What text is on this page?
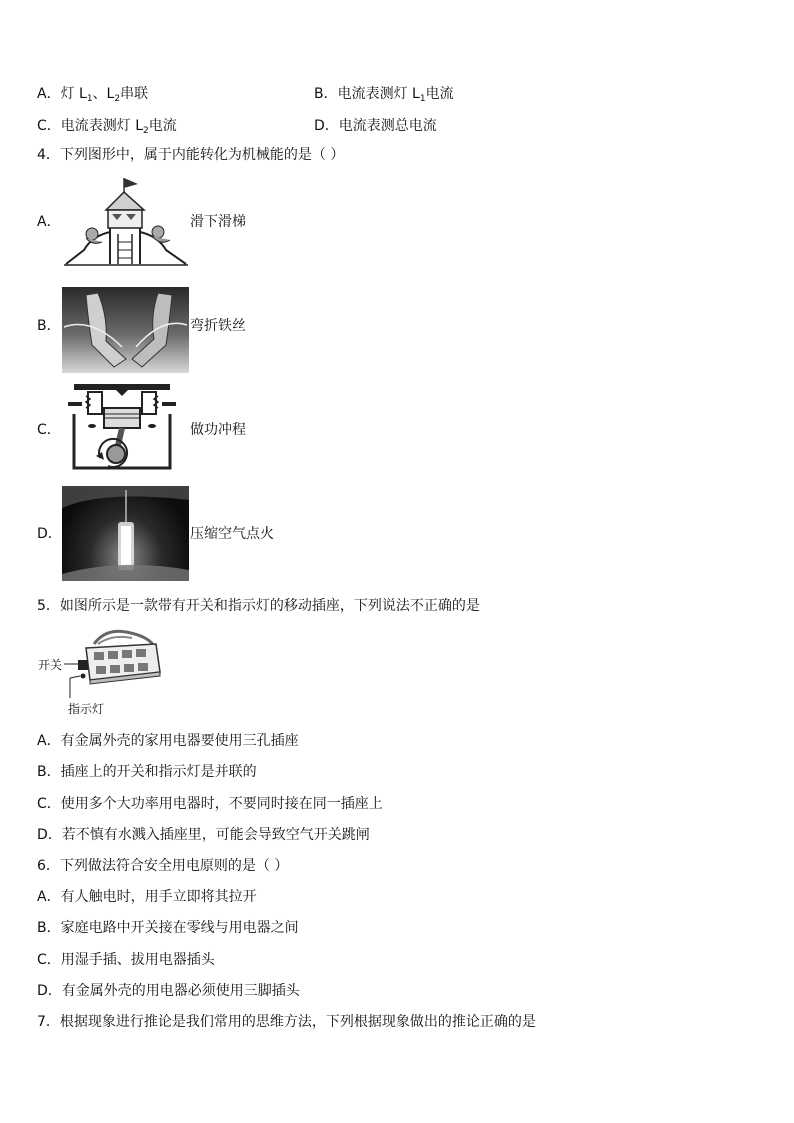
A．灯 $L_1$、$L_2$串联	B．电流表测灯 $L_1$电流
C．电流表测灯 $L_2$电流	D．电流表测总电流
4．下列图形中，属于内能转化为机械能的是（ ）
A．	滑下滑梯
B．	弯折铁丝
C．	做功冲程
D．	压缩空气点火
5．如图所示是一款带有开关和指示灯的移动插座，下列说法不正确的是
开关
指示灯
A．有金属外壳的家用电器要使用三孔插座
B．插座上的开关和指示灯是并联的
C．使用多个大功率用电器时，不要同时接在同一插座上
D．若不慎有水溅入插座里，可能会导致空气开关跳闸
6．下列做法符合安全用电原则的是（ ）
A．有人触电时，用手立即将其拉开
B．家庭电路中开关接在零线与用电器之间
C．用湿手插、拔用电器插头
D．有金属外壳的用电器必须使用三脚插头
7．根据现象进行推论是我们常用的思维方法，下列根据现象做出的推论正确的是
